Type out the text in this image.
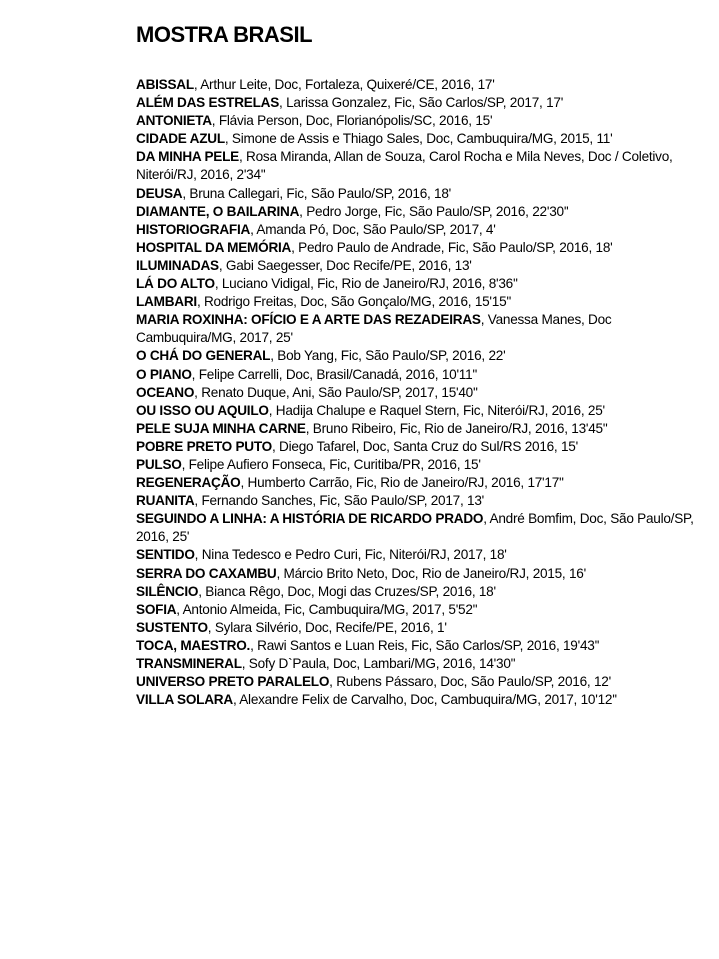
MOSTRA BRASIL
ABISSAL, Arthur Leite, Doc, Fortaleza, Quixeré/CE, 2016, 17'
ALÉM DAS ESTRELAS, Larissa Gonzalez, Fic, São Carlos/SP, 2017, 17'
ANTONIETA, Flávia Person, Doc, Florianópolis/SC, 2016, 15'
CIDADE AZUL, Simone de Assis e Thiago Sales, Doc, Cambuquira/MG, 2015, 11'
DA MINHA PELE, Rosa Miranda, Allan de Souza, Carol Rocha e Mila Neves, Doc / Coletivo, Niterói/RJ, 2016, 2'34''
DEUSA, Bruna Callegari, Fic, São Paulo/SP, 2016, 18'
DIAMANTE, O BAILARINA, Pedro Jorge, Fic, São Paulo/SP, 2016, 22'30''
HISTORIOGRAFIA, Amanda Pó, Doc, São Paulo/SP, 2017, 4'
HOSPITAL DA MEMÓRIA, Pedro Paulo de Andrade, Fic, São Paulo/SP, 2016, 18'
ILUMINADAS, Gabi Saegesser, Doc Recife/PE, 2016, 13'
LÁ DO ALTO, Luciano Vidigal, Fic, Rio de Janeiro/RJ, 2016, 8'36''
LAMBARI, Rodrigo Freitas, Doc, São Gonçalo/MG, 2016, 15'15''
MARIA ROXINHA: OFÍCIO E A ARTE DAS REZADEIRAS, Vanessa Manes, Doc Cambuquira/MG, 2017, 25'
O CHÁ DO GENERAL, Bob Yang, Fic, São Paulo/SP, 2016, 22'
O PIANO, Felipe Carrelli, Doc, Brasil/Canadá, 2016, 10'11''
OCEANO, Renato Duque, Ani, São Paulo/SP, 2017, 15'40''
OU ISSO OU AQUILO, Hadija Chalupe e Raquel Stern, Fic, Niterói/RJ, 2016, 25'
PELE SUJA MINHA CARNE, Bruno Ribeiro, Fic, Rio de Janeiro/RJ, 2016, 13'45"
POBRE PRETO PUTO, Diego Tafarel, Doc, Santa Cruz do Sul/RS 2016, 15'
PULSO, Felipe Aufiero Fonseca, Fic, Curitiba/PR, 2016, 15'
REGENERAÇÃO, Humberto Carrão, Fic, Rio de Janeiro/RJ, 2016, 17'17''
RUANITA, Fernando Sanches, Fic, São Paulo/SP, 2017, 13'
SEGUINDO A LINHA: A HISTÓRIA DE RICARDO PRADO, André Bomfim, Doc, São Paulo/SP, 2016, 25'
SENTIDO, Nina Tedesco e Pedro Curi, Fic, Niterói/RJ, 2017, 18'
SERRA DO CAXAMBU, Márcio Brito Neto, Doc, Rio de Janeiro/RJ, 2015, 16'
SILÊNCIO, Bianca Rêgo, Doc, Mogi das Cruzes/SP, 2016, 18'
SOFIA, Antonio Almeida, Fic, Cambuquira/MG, 2017, 5'52''
SUSTENTO, Sylara Silvério, Doc, Recife/PE, 2016, 1'
TOCA, MAESTRO., Rawi Santos e Luan Reis, Fic, São Carlos/SP, 2016, 19'43''
TRANSMINERAL, Sofy D`Paula, Doc, Lambari/MG, 2016, 14'30''
UNIVERSO PRETO PARALELO, Rubens Pássaro, Doc, São Paulo/SP, 2016, 12'
VILLA SOLARA, Alexandre Felix de Carvalho, Doc, Cambuquira/MG, 2017, 10'12''
